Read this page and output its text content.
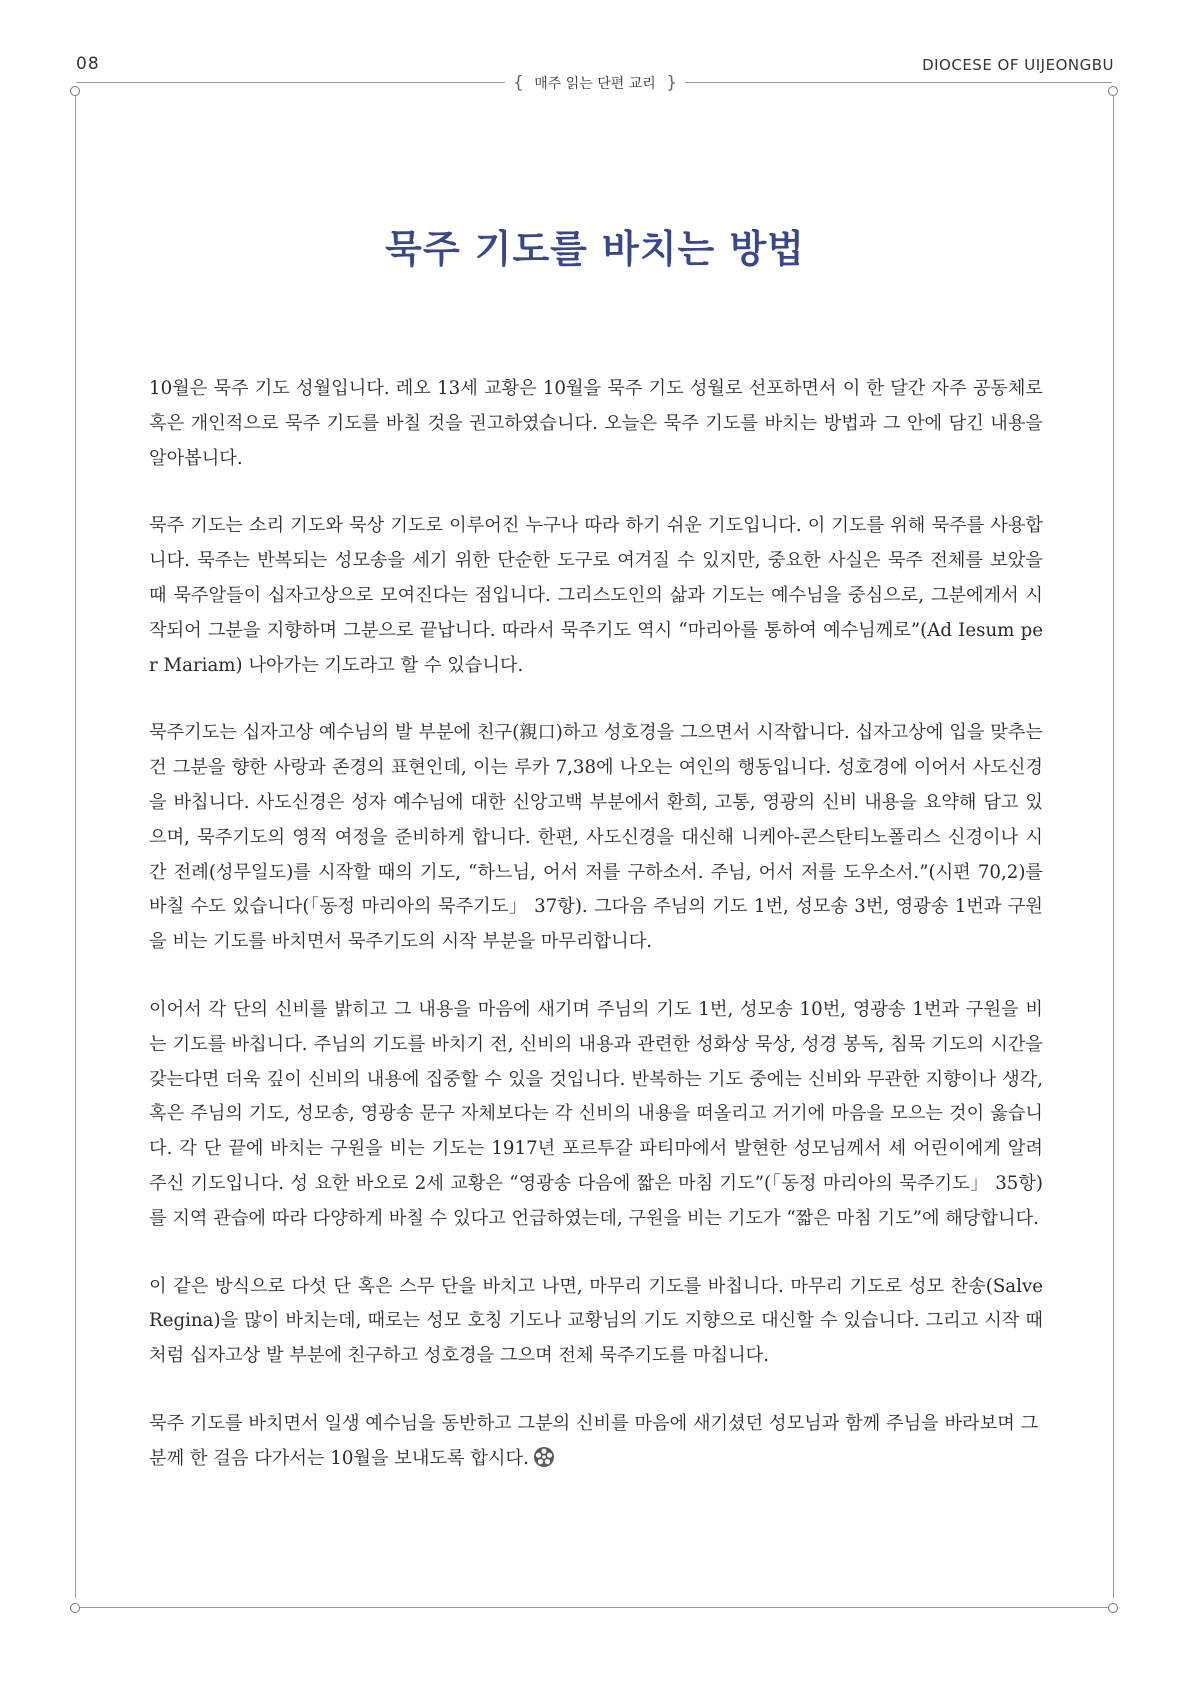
08	DIOCESE OF UIJEONGBU
{ 매주 읽는 단편 교리 }
묵주 기도를 바치는 방법

10월은 묵주 기도 성월입니다. 레오 13세 교황은 10월을 묵주 기도 성월로 선포하면서 이 한 달간 자주 공동체로 혹은 개인적으로 묵주 기도를 바칠 것을 권고하였습니다. 오늘은 묵주 기도를 바치는 방법과 그 안에 담긴 내용을 알아봅니다.

묵주 기도는 소리 기도와 묵상 기도로 이루어진 누구나 따라 하기 쉬운 기도입니다. 이 기도를 위해 묵주를 사용합니다. 묵주는 반복되는 성모송을 세기 위한 단순한 도구로 여겨질 수 있지만, 중요한 사실은 묵주 전체를 보았을 때 묵주알들이 십자고상으로 모여진다는 점입니다. 그리스도인의 삶과 기도는 예수님을 중심으로, 그분에게서 시작되어 그분을 지향하며 그분으로 끝납니다. 따라서 묵주기도 역시 “마리아를 통하여 예수님께로”(Ad Iesum per Mariam) 나아가는 기도라고 할 수 있습니다.

묵주기도는 십자고상 예수님의 발 부분에 친구(親口)하고 성호경을 그으면서 시작합니다. 십자고상에 입을 맞추는 건 그분을 향한 사랑과 존경의 표현인데, 이는 루카 7,38에 나오는 여인의 행동입니다. 성호경에 이어서 사도신경을 바칩니다. 사도신경은 성자 예수님에 대한 신앙고백 부분에서 환희, 고통, 영광의 신비 내용을 요약해 담고 있으며, 묵주기도의 영적 여정을 준비하게 합니다. 한편, 사도신경을 대신해 니케아-콘스탄티노폴리스 신경이나 시간 전례(성무일도)를 시작할 때의 기도, “하느님, 어서 저를 구하소서. 주님, 어서 저를 도우소서.”(시편 70,2)를 바칠 수도 있습니다(「동정 마리아의 묵주기도」 37항). 그다음 주님의 기도 1번, 성모송 3번, 영광송 1번과 구원을 비는 기도를 바치면서 묵주기도의 시작 부분을 마무리합니다.

이어서 각 단의 신비를 밝히고 그 내용을 마음에 새기며 주님의 기도 1번, 성모송 10번, 영광송 1번과 구원을 비는 기도를 바칩니다. 주님의 기도를 바치기 전, 신비의 내용과 관련한 성화상 묵상, 성경 봉독, 침묵 기도의 시간을 갖는다면 더욱 깊이 신비의 내용에 집중할 수 있을 것입니다. 반복하는 기도 중에는 신비와 무관한 지향이나 생각, 혹은 주님의 기도, 성모송, 영광송 문구 자체보다는 각 신비의 내용을 떠올리고 거기에 마음을 모으는 것이 옳습니다. 각 단 끝에 바치는 구원을 비는 기도는 1917년 포르투갈 파티마에서 발현한 성모님께서 세 어린이에게 알려주신 기도입니다. 성 요한 바오로 2세 교황은 “영광송 다음에 짧은 마침 기도”(「동정 마리아의 묵주기도」 35항)를 지역 관습에 따라 다양하게 바칠 수 있다고 언급하였는데, 구원을 비는 기도가 “짧은 마침 기도”에 해당합니다.

이 같은 방식으로 다섯 단 혹은 스무 단을 바치고 나면, 마무리 기도를 바칩니다. 마무리 기도로 성모 찬송(Salve Regina)을 많이 바치는데, 때로는 성모 호칭 기도나 교황님의 기도 지향으로 대신할 수 있습니다. 그리고 시작 때처럼 십자고상 발 부분에 친구하고 성호경을 그으며 전체 묵주기도를 마칩니다.

묵주 기도를 바치면서 일생 예수님을 동반하고 그분의 신비를 마음에 새기셨던 성모님과 함께 주님을 바라보며 그분께 한 걸음 다가서는 10월을 보내도록 합시다.
